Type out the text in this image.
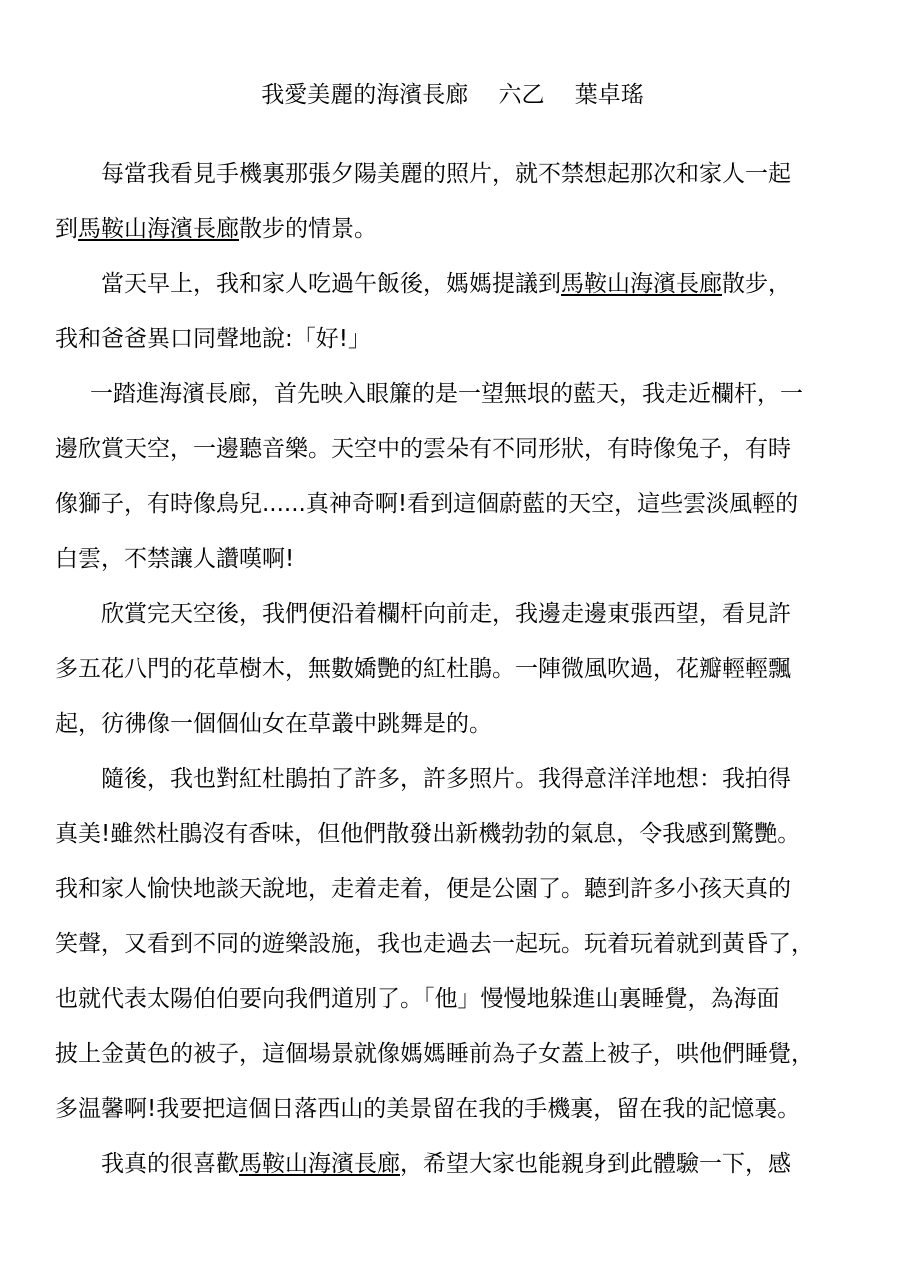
我愛美麗的海濱長廊　 六乙　 葉卓瑤
每當我看見手機裏那張夕陽美麗的照片，就不禁想起那次和家人一起
到馬鞍山海濱長廊散步的情景。
當天早上，我和家人吃過午飯後，媽媽提議到馬鞍山海濱長廊散步，
我和爸爸異口同聲地說:「好!」
一踏進海濱長廊，首先映入眼簾的是一望無垠的藍天，我走近欄杆，一
邊欣賞天空，一邊聽音樂。天空中的雲朵有不同形狀，有時像兔子，有時
像獅子，有時像鳥兒......真神奇啊!看到這個蔚藍的天空，這些雲淡風輕的
白雲，不禁讓人讚嘆啊!
欣賞完天空後，我們便沿着欄杆向前走，我邊走邊東張西望，看見許
多五花八門的花草樹木，無數嬌艷的紅杜鵑。一陣微風吹過，花瓣輕輕飄
起，彷彿像一個個仙女在草叢中跳舞是的。
隨後，我也對紅杜鵑拍了許多，許多照片。我得意洋洋地想：我拍得
真美!雖然杜鵑沒有香味，但他們散發出新機勃勃的氣息，令我感到驚艷。
我和家人愉快地談天說地，走着走着，便是公園了。聽到許多小孩天真的
笑聲，又看到不同的遊樂設施，我也走過去一起玩。玩着玩着就到黃昏了，
也就代表太陽伯伯要向我們道別了。「他」慢慢地躲進山裏睡覺，為海面
披上金黃色的被子，這個場景就像媽媽睡前為子女蓋上被子，哄他們睡覺，
多温馨啊!我要把這個日落西山的美景留在我的手機裏，留在我的記憶裏。
我真的很喜歡馬鞍山海濱長廊，希望大家也能親身到此體驗一下，感
